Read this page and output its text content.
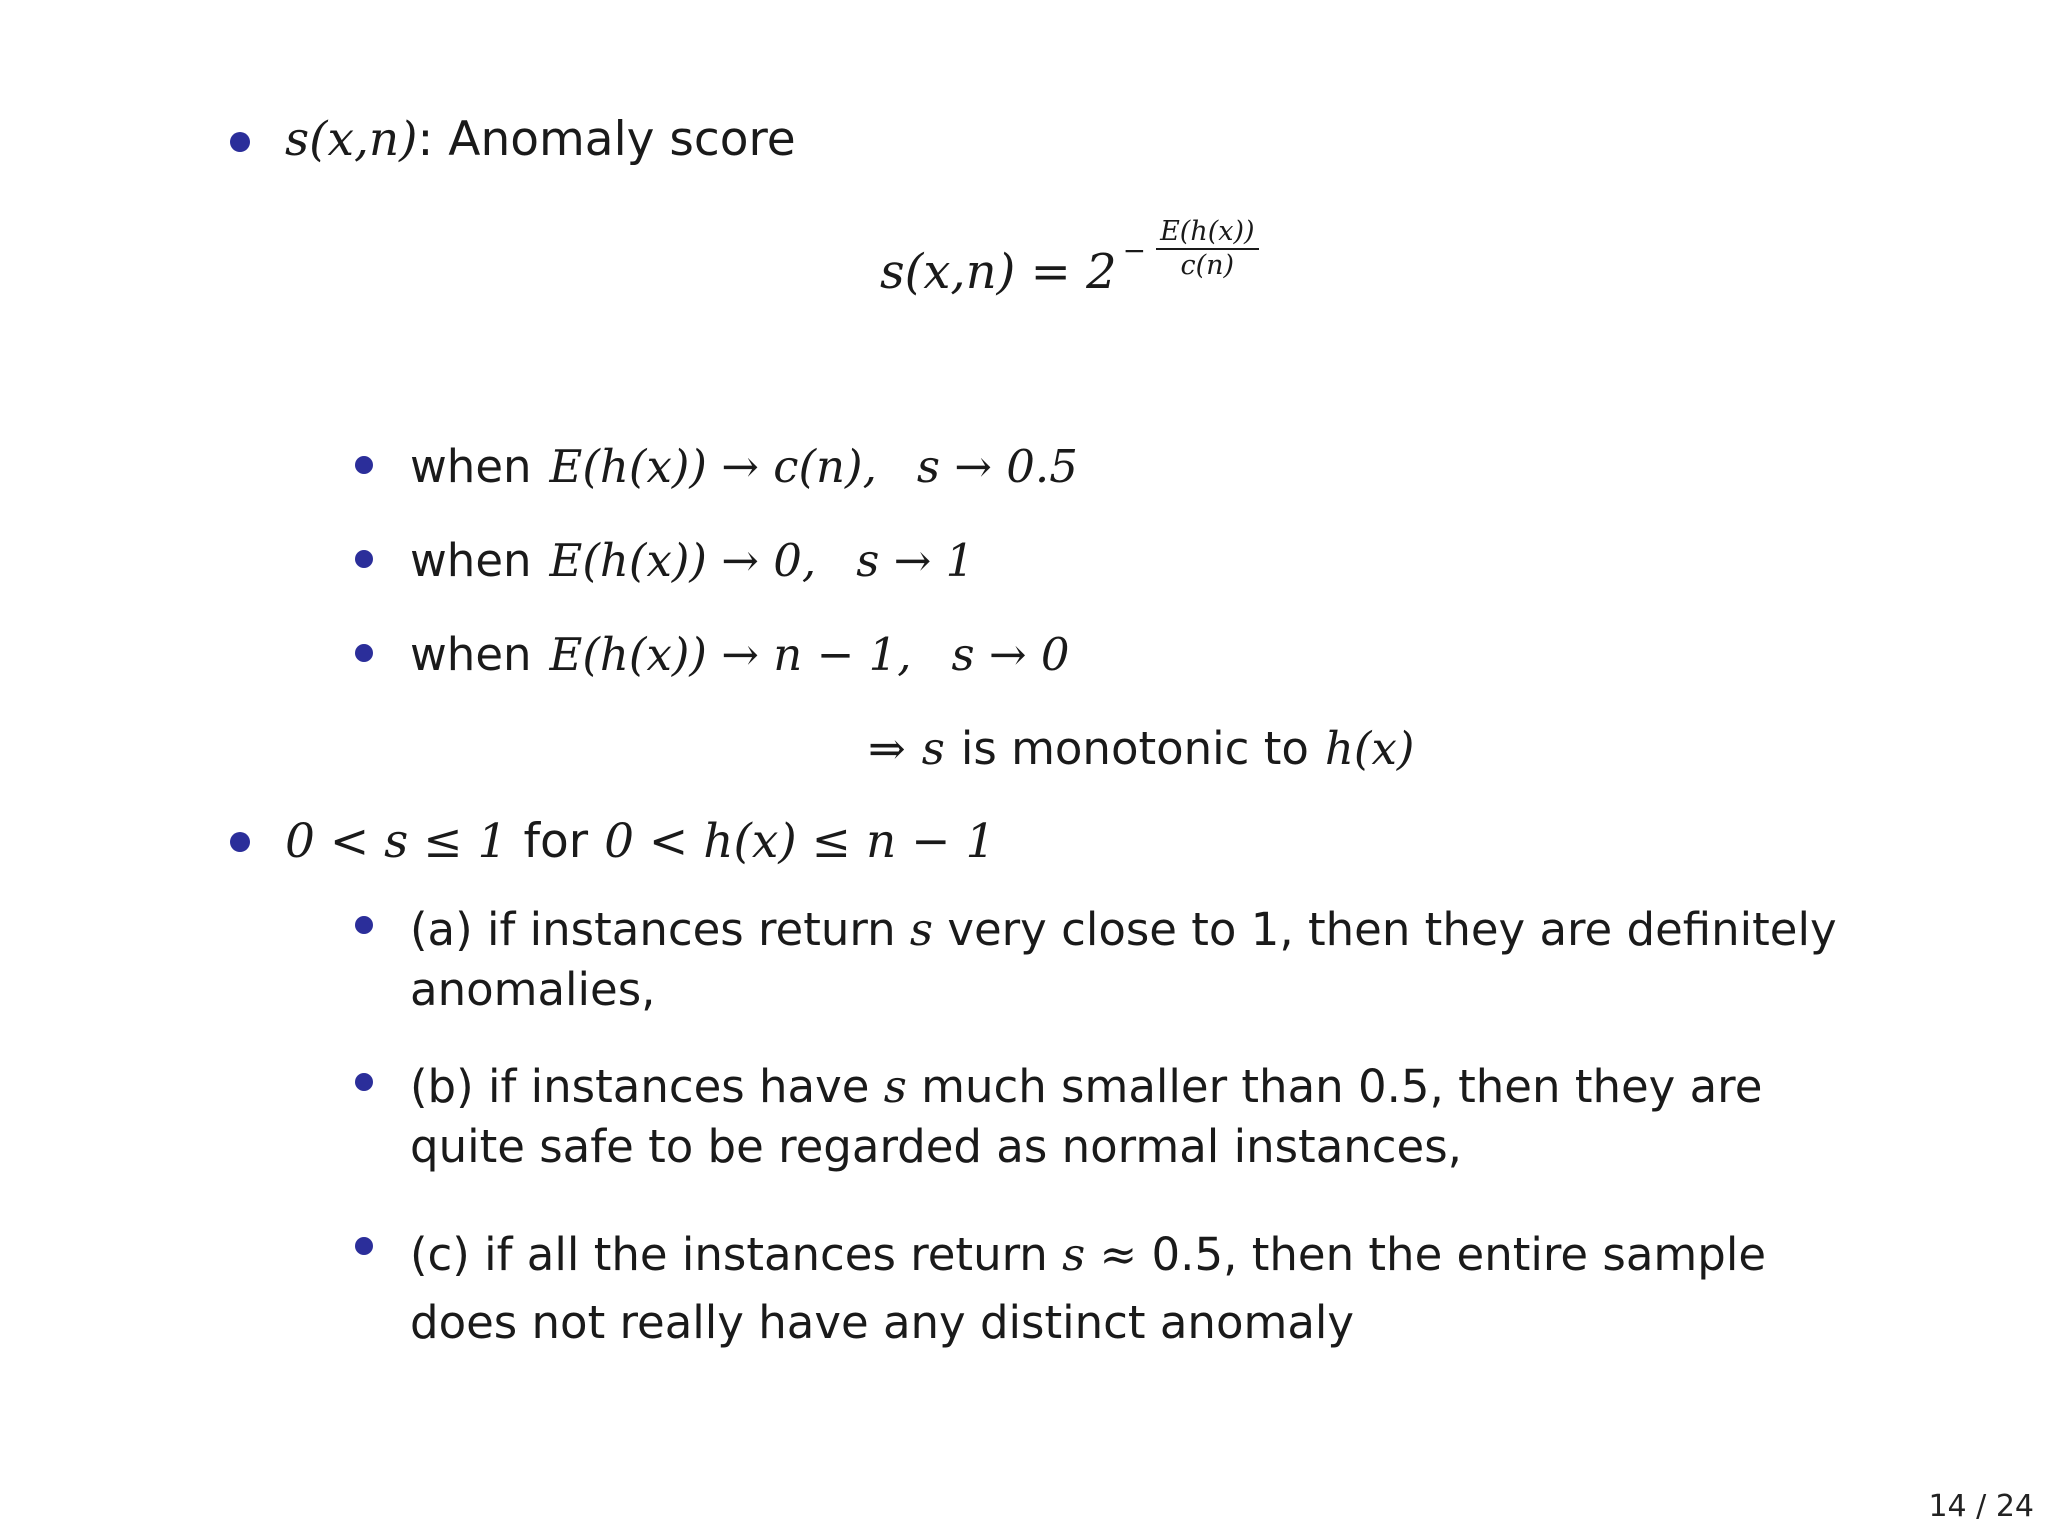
s(x,n) : Anomaly score
$s(x,n) = 2 - \frac{E(h(x))}{c(n)}$
when E(h(x)) → c(n), s → 0.5
when E(h(x)) → 0, s → 1
when E(h(x)) → n − 1, s → 0
⇒ s is monotonic to h(x)
0 < s ≤ 1 for 0 < h(x) ≤ n − 1
(a) if instances return s very close to 1, then they are definitely anomalies,
(b) if instances have s much smaller than 0.5, then they are quite safe to be regarded as normal instances,
(c) if all the instances return s ≈ 0.5, then the entire sample does not really have any distinct anomaly
14 / 24
